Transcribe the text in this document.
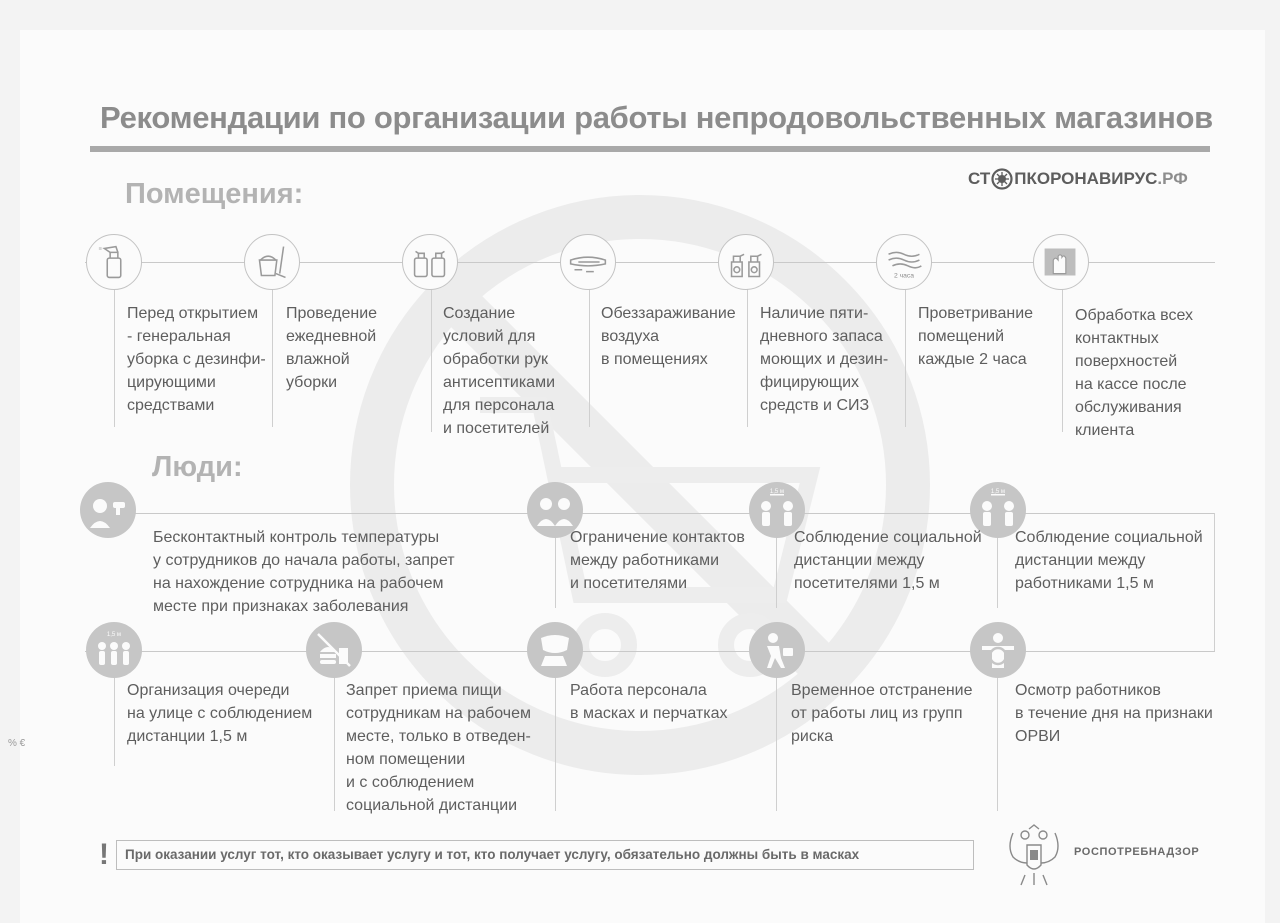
Рекомендации по организации работы непродовольственных магазинов
СТ ПКОРОНАВИРУС .РФ
Помещения:
≡
2 часа
Перед открытием
- генеральная
уборка с дезинфи-
цирующими
средствами
Проведение
ежедневной
влажной
уборки
Создание
условий для
обработки рук
антисептиками
для персонала
и посетителей
Обеззараживание
воздуха
в помещениях
Наличие пяти-
дневного запаса
моющих и дезин-
фицирующих
средств и СИЗ
Проветривание
помещений
каждые 2 часа
Обработка всех
контактных
поверхностей
на кассе после
обслуживания
клиента
Люди:
1,5 м	1,5 м
Бесконтактный контроль температуры
у сотрудников до начала работы, запрет
на нахождение сотрудника на рабочем
месте при признаках заболевания
Ограничение контактов
между работниками
и посетителями
Соблюдение социальной
дистанции между
посетителями 1,5 м
Соблюдение социальной
дистанции между
работниками 1,5 м
1,5 м
Организация очереди
на улице с соблюдением
дистанции 1,5 м
Запрет приема пищи
сотрудникам на рабочем
месте, только в отведен-
ном помещении
и с соблюдением
социальной дистанции
Работа персонала
в масках и перчатках
Временное отстранение
от работы лиц из групп
риска
Осмотр работников
в течение дня на признаки
ОРВИ
!	При оказании услуг тот, кто оказывает услугу и тот, кто получает услугу, обязательно должны быть в масках	РОСПОТРЕБНАДЗОР
% €
